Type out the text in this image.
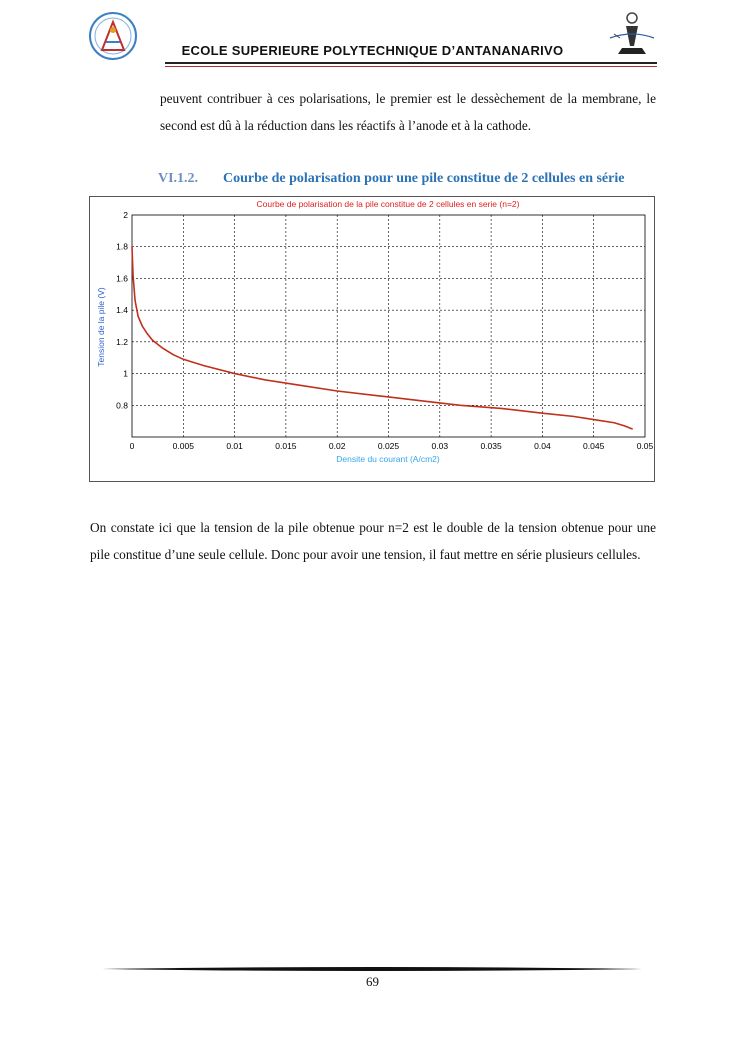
ECOLE SUPERIEURE POLYTECHNIQUE D’ANTANANARIVO
peuvent contribuer à ces polarisations, le premier est le dessèchement de la membrane, le second est dû à la réduction dans les réactifs à l’anode et à la cathode.
VI.1.2. Courbe de polarisation pour une pile constitue de 2 cellules en série
Courbe de polarisation de la pile constitue de 2 cellules en serie (n=2)
0	0.005	0.01	0.015	0.02	0.025	0.03	0.035	0.04	0.045	0.05
0.8
1
1.2
1.4
1.6
1.8
2
Densite du courant (A/cm2)
Tension de la pile (V)
On constate ici que la tension de la pile obtenue pour n=2 est le double de la tension obtenue pour une pile constitue d’une seule cellule. Donc pour avoir une tension, il faut mettre en série plusieurs cellules.
69
